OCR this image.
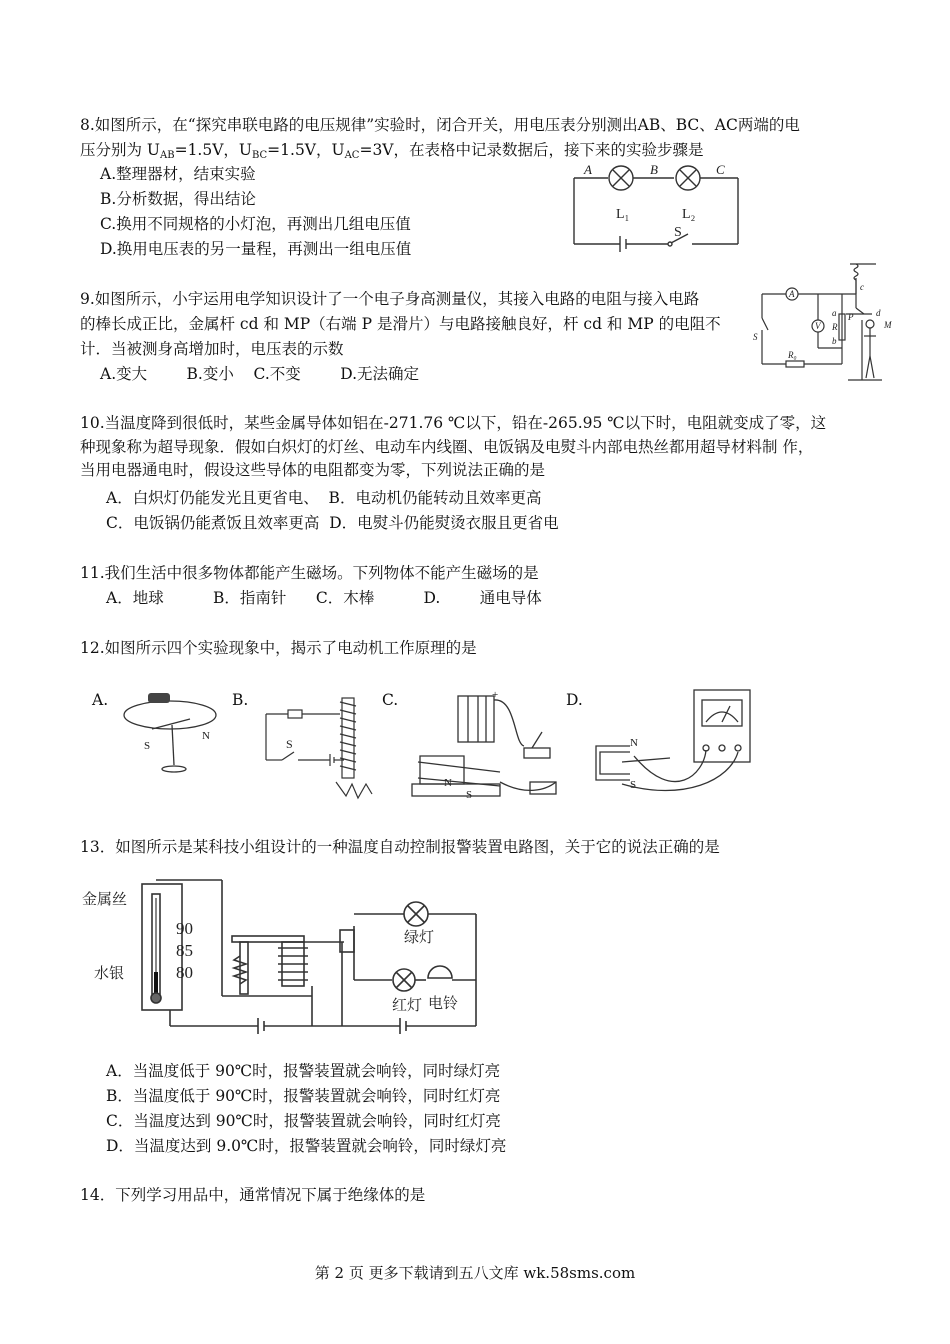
8.如图所示，在“探究串联电路的电压规律”实验时，闭合开关，用电压表分别测出AB、BC、AC两端的电
压分别为 $U_{AB}=1.5V$，$U_{BC}=1.5V$，$U_{AC}=3V$，在表格中记录数据后，接下来的实验步骤是
A.整理器材，结束实验
B.分析数据，得出结论
C.换用不同规格的小灯泡，再测出几组电压值
D.换用电压表的另一量程，再测出一组电压值
A	B	C
L₁	L₂
S
9.如图所示，小宇运用电学知识设计了一个电子身高测量仪，其接入电路的电阻与接入电路
的棒长成正比，金属杆 cd 和 MP（右端 P 是滑片）与电路接触良好，杆 cd 和 MP 的电阻不
计．当被测身高增加时，电压表的示数
A.变大        B.变小    C.不变        D.无法确定
A
V
S
R₀
R
P
M
a
b
c
d
10.当温度降到很低时，某些金属导体如铝在-271.76 ℃以下，铅在-265.95 ℃以下时，电阻就变成了零，这
种现象称为超导现象．假如白炽灯的灯丝、电动车内线圈、电饭锅及电熨斗内部电热丝都用超导材料制 作，
当用电器通电时，假设这些导体的电阻都变为零，下列说法正确的是
A．白炽灯仍能发光且更省电、  B．电动机仍能转动且效率更高
C．电饭锅仍能煮饭且效率更高  D．电熨斗仍能熨烫衣服且更省电
11.我们生活中很多物体都能产生磁场。下列物体不能产生磁场的是
A．地球          B．指南针      C．木棒          D.        通电导体
12.如图所示四个实验现象中，揭示了电动机工作原理的是
A.	B.	C.	D.
S
N
S
N
S
+
N
S
13．如图所示是某科技小组设计的一种温度自动控制报警装置电路图，关于它的说法正确的是
金属丝
水银
90
85
80
绿灯
红灯 电铃
A．当温度低于 90℃时，报警装置就会响铃，同时绿灯亮
B．当温度低于 90℃时，报警装置就会响铃，同时红灯亮
C．当温度达到 90℃时，报警装置就会响铃，同时红灯亮
D．当温度达到 9.0℃时，报警装置就会响铃，同时绿灯亮
14．下列学习用品中，通常情况下属于绝缘体的是
第 2 页 更多下载请到五八文库 wk.58sms.com
